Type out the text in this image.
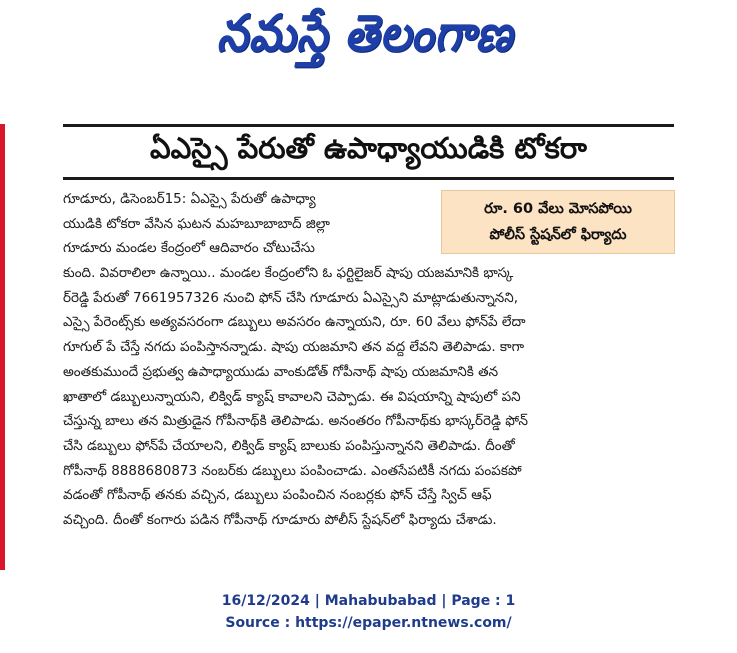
నమస్తే తెలంగాణ
ఏఎస్సై పేరుతో ఉపాధ్యాయుడికి టోకరా
గూడూరు, డిసెంబర్15: ఏఎస్సై పేరుతో ఉపాధ్యా
యుడికి టోకరా వేసిన ఘటన మహబూబాబాద్ జిల్లా
గూడూరు మండల కేంద్రంలో ఆదివారం చోటుచేసు
కుంది. వివరాలిలా ఉన్నాయి.. మండల కేంద్రంలోని ఓ ఫర్టిలైజర్ షాపు యజమానికి భాస్క
ర్‌రెడ్డి పేరుతో 7661957326 నుంచి ఫోన్ చేసి గూడూరు ఏఎస్సైని మాట్లాడుతున్నానని,
ఎస్సై పేరెంట్స్‌కు అత్యవసరంగా డబ్బులు అవసరం ఉన్నాయని, రూ. 60 వేలు ఫోన్‌పే లేదా
గూగుల్ పే చేస్తే నగదు పంపిస్తానన్నాడు. షాపు యజమాని తన వద్ద లేవని తెలిపాడు. కాగా
అంతకుముందే ప్రభుత్వ ఉపాధ్యాయుడు వాంకుడోత్ గోపీనాథ్ షాపు యజమానికి తన
ఖాతాలో డబ్బులున్నాయని, లిక్విడ్ క్యాష్ కావాలని చెప్పాడు. ఈ విషయాన్ని షాపులో పని
చేస్తున్న బాలు తన మిత్రుడైన గోపీనాథ్‌కి తెలిపాడు. అనంతరం గోపీనాథ్‌కు భాస్కర్‌రెడ్డి ఫోన్
చేసి డబ్బులు ఫోన్‌పే చేయాలని, లిక్విడ్ క్యాష్ బాలుకు పంపిస్తున్నానని తెలిపాడు. దీంతో
గోపీనాథ్ 8888680873 నంబర్‌కు డబ్బులు పంపించాడు. ఎంతసేపటికీ నగదు పంపకపో
వడంతో గోపీనాథ్ తనకు వచ్చిన, డబ్బులు పంపించిన నంబర్లకు ఫోన్ చేస్తే స్విచ్ ఆఫ్
వచ్చింది. దీంతో కంగారు పడిన గోపీనాథ్ గూడూరు పోలీస్ స్టేషన్‌లో ఫిర్యాదు చేశాడు.
రూ. 60 వేలు మోసపోయి
పోలీస్ స్టేషన్‌లో ఫిర్యాదు
16/12/2024 | Mahabubabad | Page : 1
Source : https://epaper.ntnews.com/
